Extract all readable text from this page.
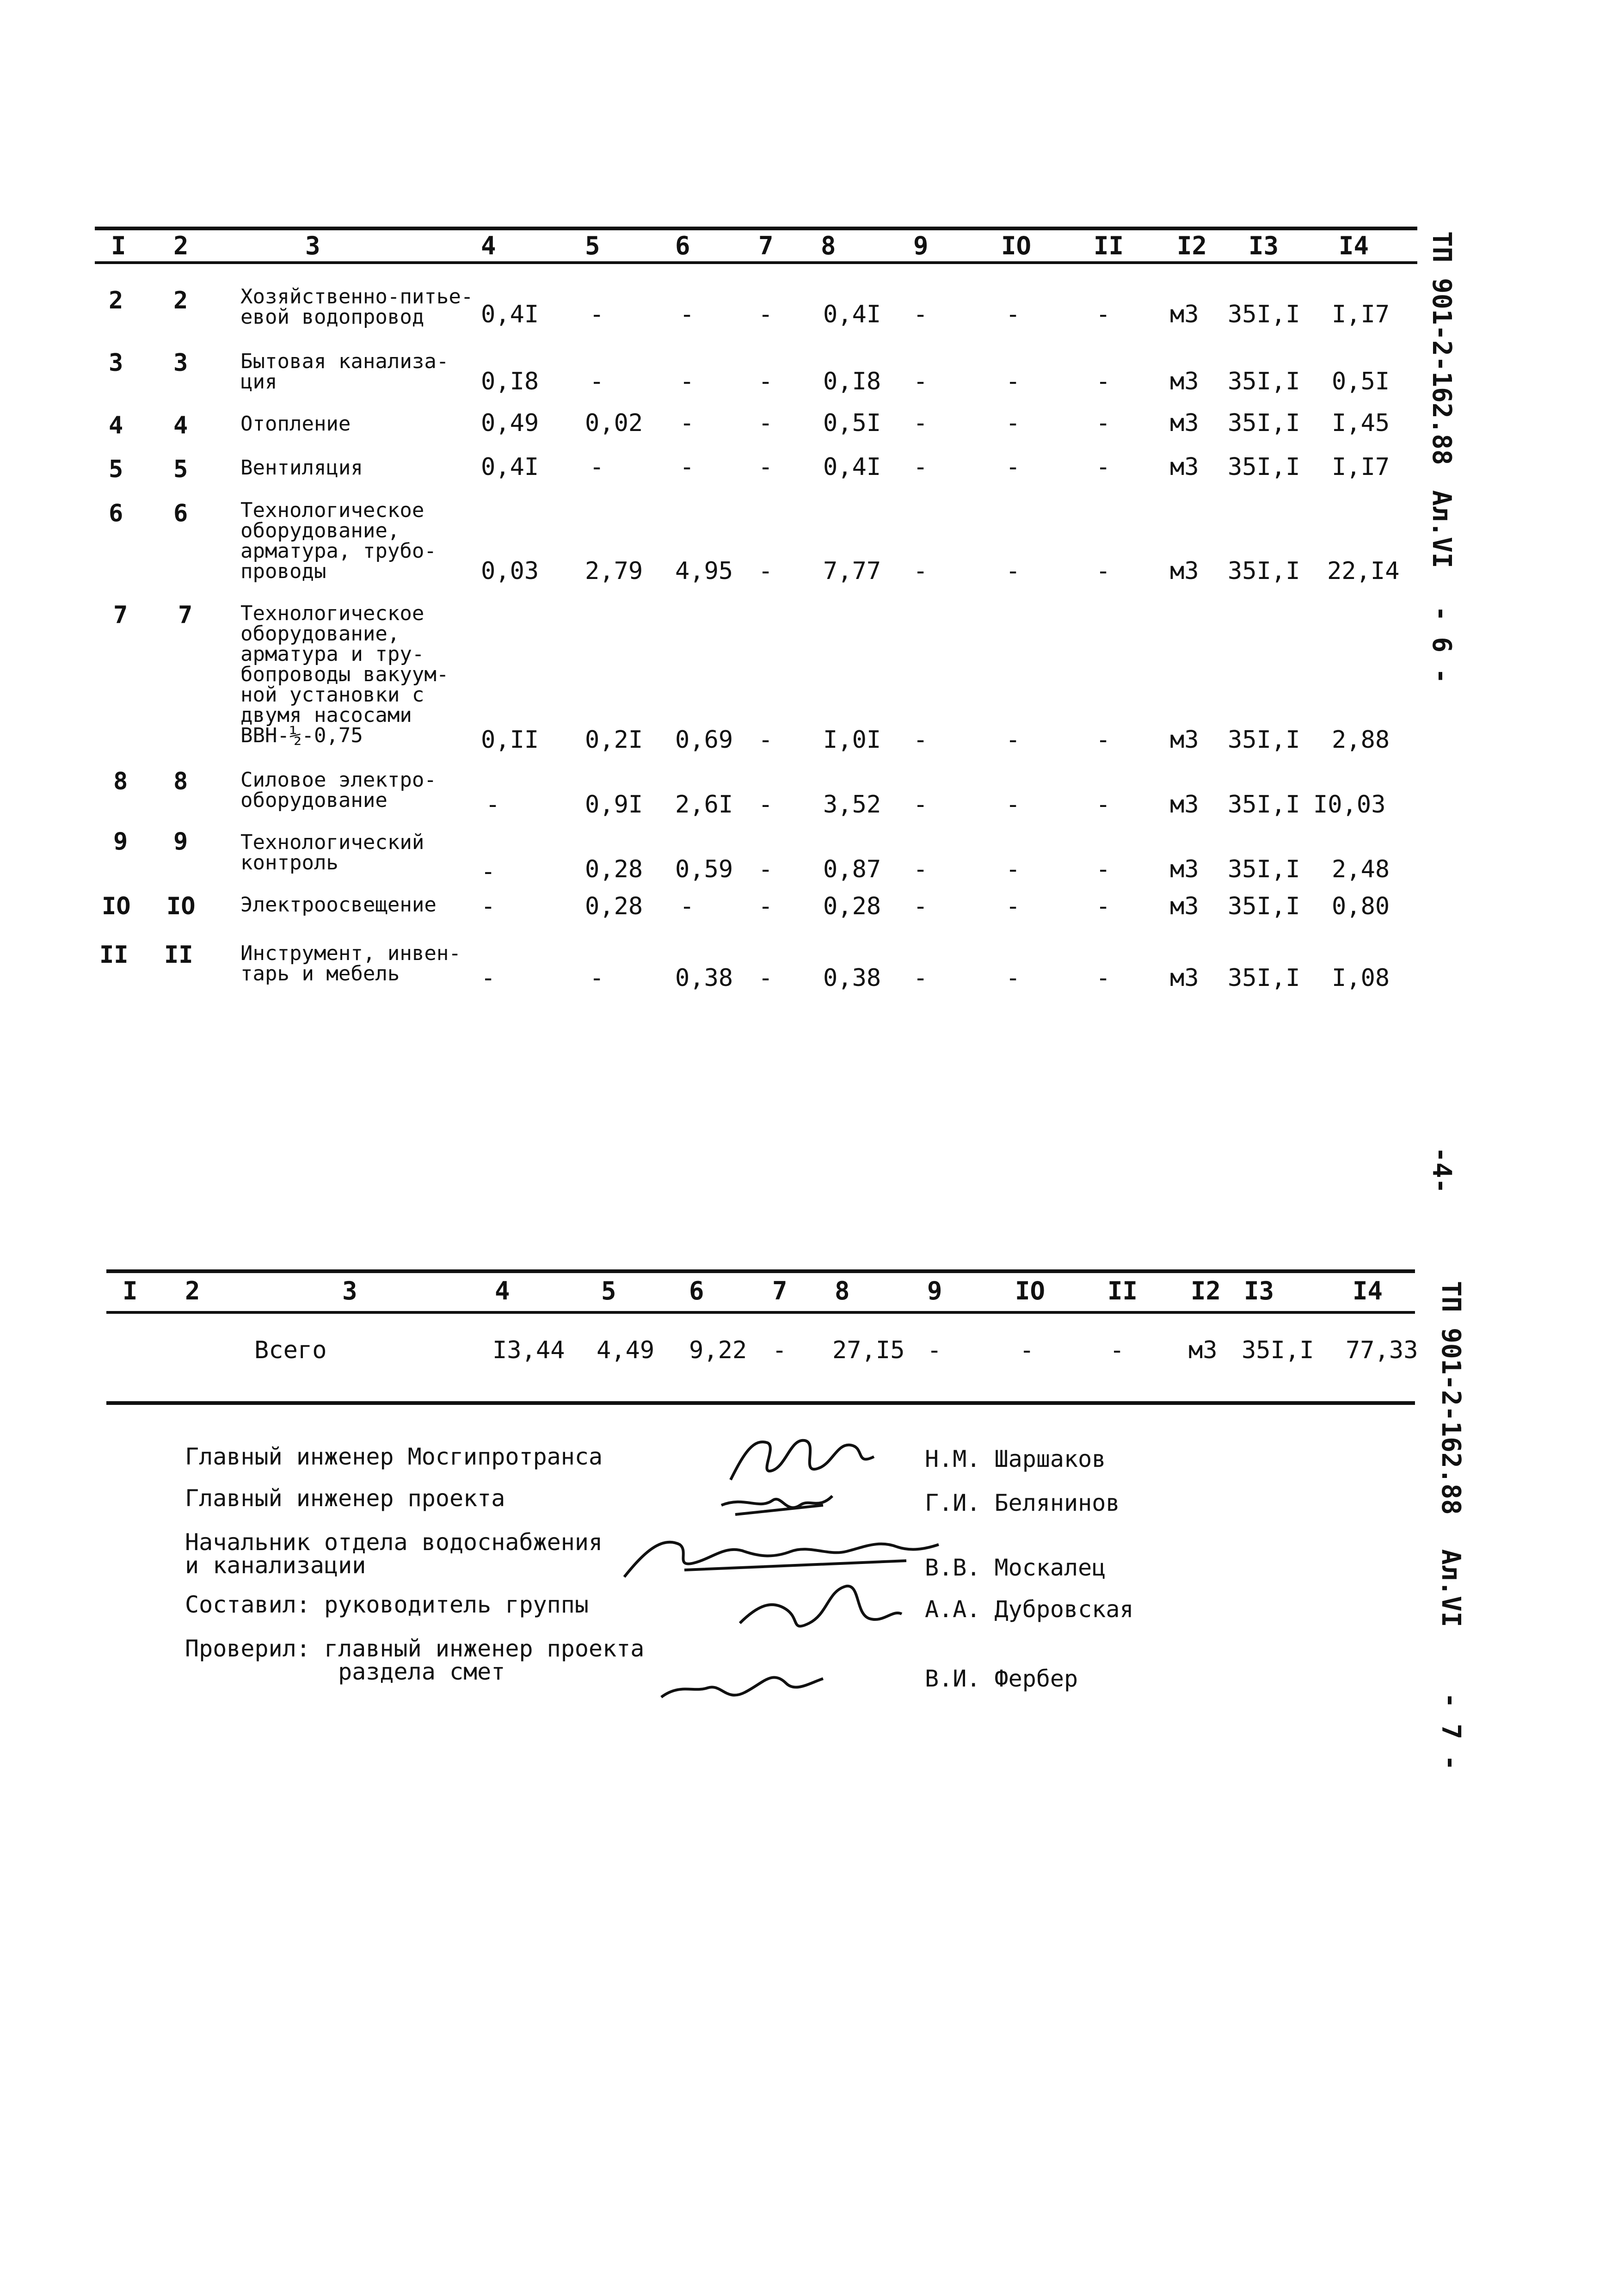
ТП 901-2-162.88
Ал.VI
- 6 -
-4-
ТП 901-2-162.88
Ал.VI
- 7 -
I 2	3	4	5	6	7 8	9	IO II I2 I3 I4
2 2	Хозяйственно-питье-
евой водопровод	0,4I -	-	- 0,4I -	-	- м3 35I,I I,I7
3 3	Бытовая канализа-
ция	0,I8 -	-	- 0,I8 -	-	- м3 35I,I 0,5I
4 4	Отопление	0,49 0,02 -	- 0,5I -	-	- м3 35I,I I,45
5 5	Вентиляция	0,4I -	-	- 0,4I -	-	- м3 35I,I I,I7
6 6	Технологическое
оборудование,
арматура, трубо-
проводы	0,03 2,79 4,95 - 7,77 -	-	- м3 35I,I 22,I4
7 7 Технологическое
оборудование,
арматура и тру-
бопроводы вакуум-
ной установки с
двумя насосами
ВВН-½-0,75	0,II 0,2I 0,69 - I,0I -	-	- м3 35I,I 2,88
8 8	Силовое электро-
оборудование	-	0,9I 2,6I - 3,52 -	-	- м3 35I,I I0,03
9 9	Технологический
контроль	-	0,28 0,59 - 0,87 -	-	- м3 35I,I 2,48
IO IO Электроосвещение -	0,28 -	- 0,28 -	-	- м3 35I,I 0,80
II II Инструмент, инвен-
тарь и мебель	-	-	0,38 - 0,38 -	-	- м3 35I,I I,08
I 2	3	4	5	6	7 8	9	IO II I2 I3	I4
Всего	I3,44 4,49 9,22 - 27,I5 -	-	-	м3 35I,I 77,33
Главный инженер Мосгипротранса	Н.М. Шаршаков
Главный инженер проекта	Г.И. Белянинов
Начальник отдела водоснабжения
и канализации	В.В. Москалец
Составил: руководитель группы	А.А. Дубровская
Проверил: главный инженер проекта
раздела смет	В.И. Фербер
